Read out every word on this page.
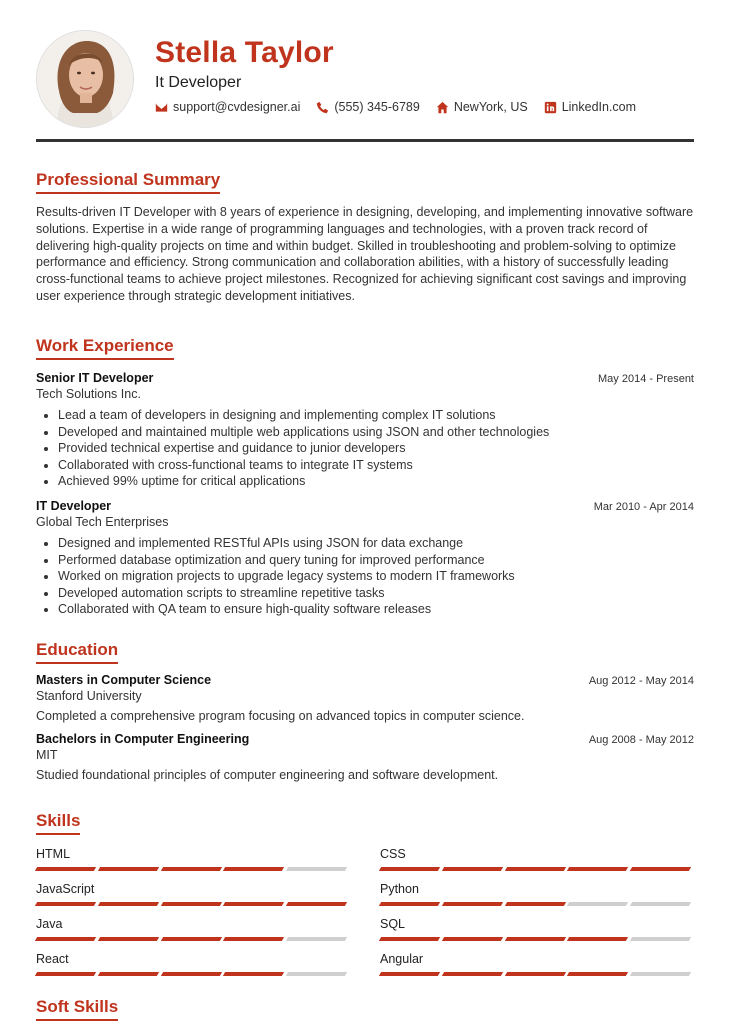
Stella Taylor
It Developer
support@cvdesigner.ai	(555) 345-6789	NewYork, US	LinkedIn.com
Professional Summary
Results-driven IT Developer with 8 years of experience in designing, developing, and implementing innovative software solutions. Expertise in a wide range of programming languages and technologies, with a proven track record of delivering high-quality projects on time and within budget. Skilled in troubleshooting and problem-solving to optimize performance and efficiency. Strong communication and collaboration abilities, with a history of successfully leading cross-functional teams to achieve project milestones. Recognized for achieving significant cost savings and improving user experience through strategic development initiatives.
Work Experience
Senior IT Developer	May 2014 - Present
Tech Solutions Inc.
• Lead a team of developers in designing and implementing complex IT solutions
• Developed and maintained multiple web applications using JSON and other technologies
• Provided technical expertise and guidance to junior developers
• Collaborated with cross-functional teams to integrate IT systems
• Achieved 99% uptime for critical applications
IT Developer	Mar 2010 - Apr 2014
Global Tech Enterprises
• Designed and implemented RESTful APIs using JSON for data exchange
• Performed database optimization and query tuning for improved performance
• Worked on migration projects to upgrade legacy systems to modern IT frameworks
• Developed automation scripts to streamline repetitive tasks
• Collaborated with QA team to ensure high-quality software releases
Education
Masters in Computer Science	Aug 2012 - May 2014
Stanford University
Completed a comprehensive program focusing on advanced topics in computer science.
Bachelors in Computer Engineering	Aug 2008 - May 2012
MIT
Studied foundational principles of computer engineering and software development.
Skills
HTML	CSS
JavaScript	Python
Java	SQL
React	Angular
Soft Skills
